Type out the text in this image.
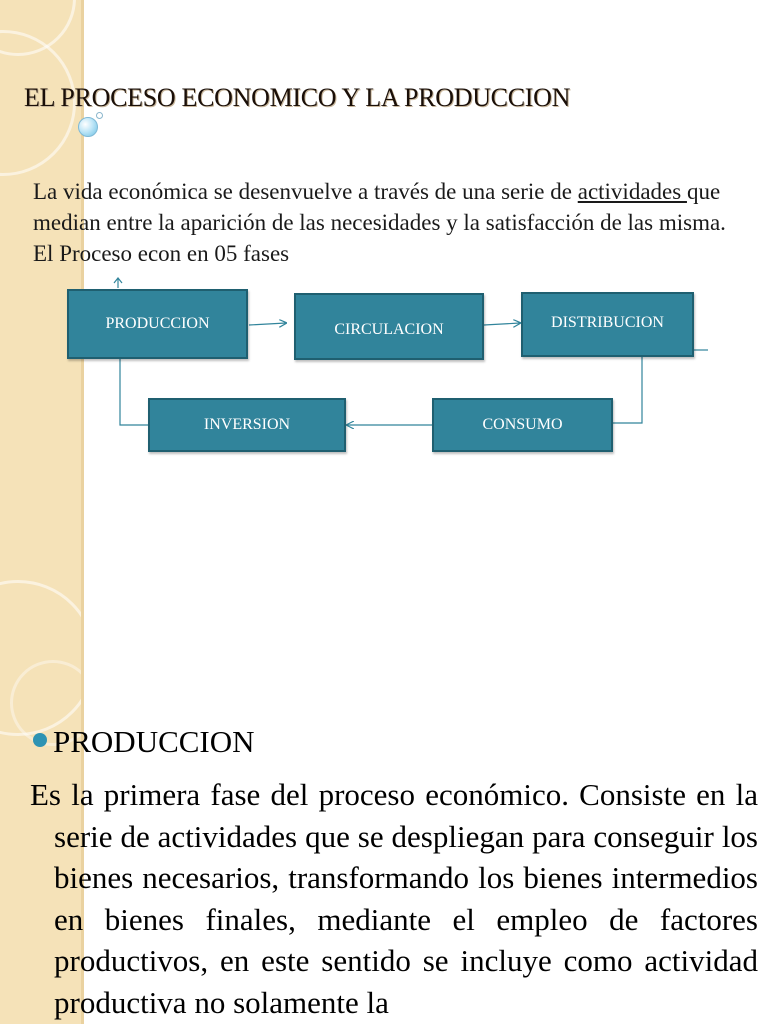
EL PROCESO ECONOMICO Y LA PRODUCCION

La vida económica se desenvuelve a través de una serie de actividades que median entre la aparición de las necesidades y la satisfacción de las misma. El Proceso econ en 05 fases

PRODUCCION	CIRCULACION	DISTRIBUCION
CONSUMO
INVERSION
PRODUCCION

Es la primera fase del proceso económico. Consiste en la serie de actividades que se despliegan para conseguir los bienes necesarios, transformando los bienes intermedios en bienes finales, mediante el empleo de factores productivos, en este sentido se incluye como actividad productiva no solamente la
